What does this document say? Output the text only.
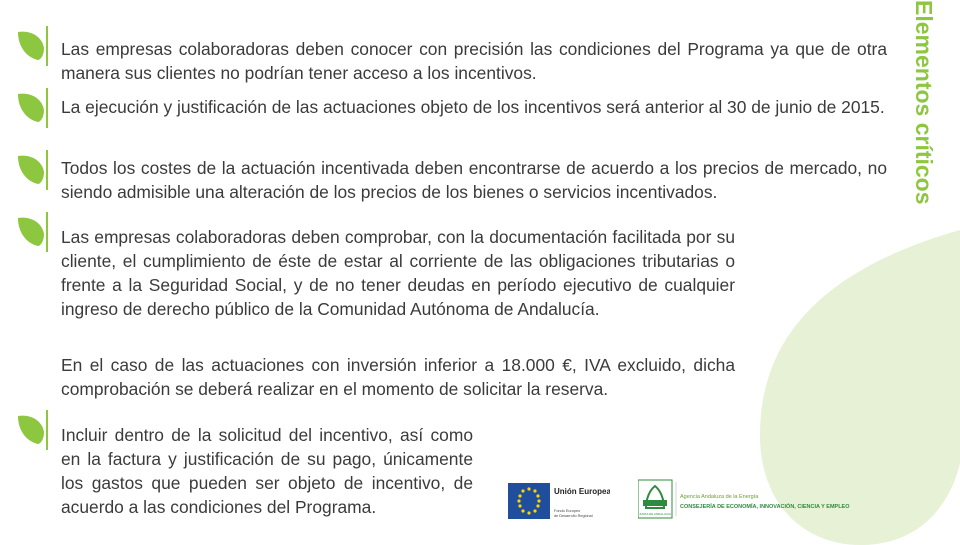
Elementos críticos

Las empresas colaboradoras deben conocer con precisión las condiciones del Programa ya que de otra manera sus clientes no podrían tener acceso a los incentivos.

La ejecución y justificación de las actuaciones objeto de los incentivos será anterior al 30 de junio de 2015.

Todos los costes de la actuación incentivada deben encontrarse de acuerdo a los precios de mercado, no siendo admisible una alteración de los precios de los bienes o servicios incentivados.

Las empresas colaboradoras deben comprobar, con la documentación facilitada por su cliente, el cumplimiento de éste de estar al corriente de las obligaciones tributarias o frente a la Seguridad Social, y de no tener deudas en período ejecutivo de cualquier ingreso de derecho público de la Comunidad Autónoma de Andalucía.

En el caso de las actuaciones con inversión inferior a 18.000 €, IVA excluido, dicha comprobación se deberá realizar en el momento de solicitar la reserva.

Incluir dentro de la solicitud del incentivo, así como en la factura y justificación de su pago, únicamente los gastos que pueden ser objeto de incentivo, de acuerdo a las condiciones del Programa.

Unión Europea
Fondo Europeo
de Desarrollo Regional	JUNTA DE ANDALUCIA
Agencia Andaluza de la Energía
CONSEJERÍA DE ECONOMÍA, INNOVACIÓN, CIENCIA Y EMPLEO
